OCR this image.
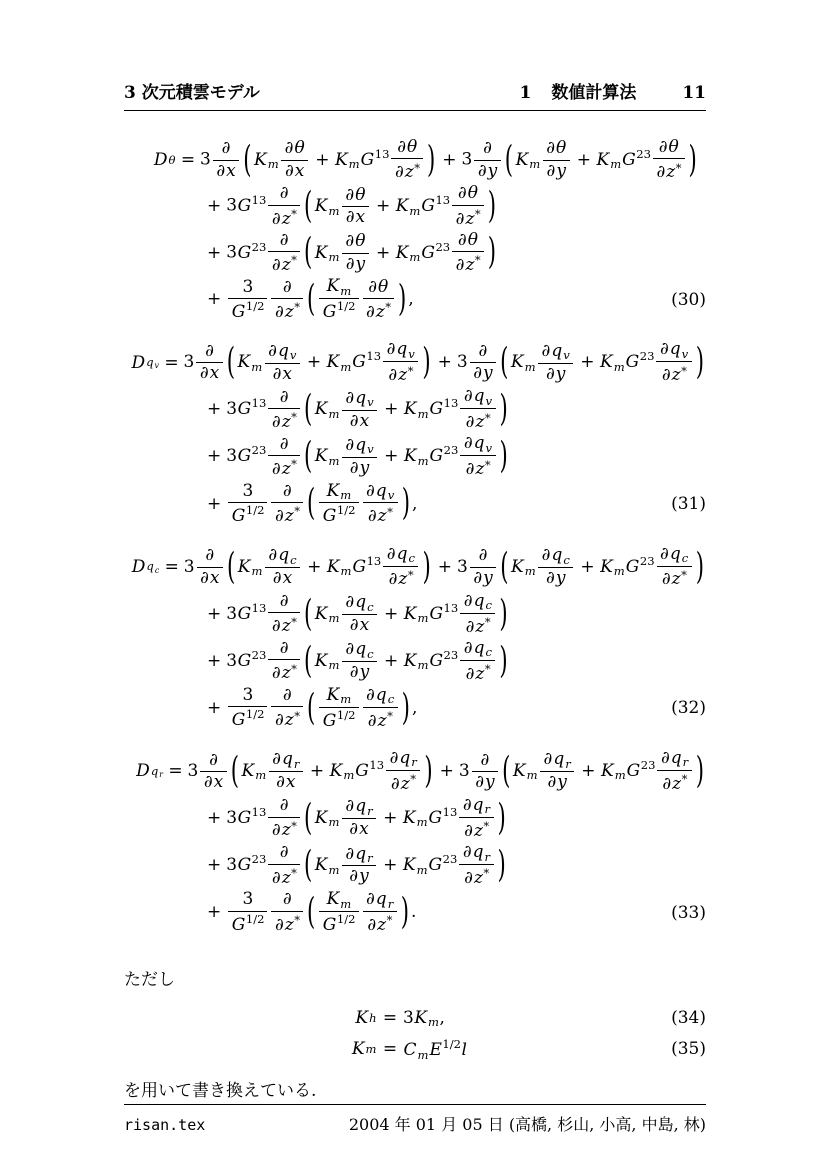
3 次元積雲モデル	1 数値計算法	11
D $\theta = 3 \frac{\partial}{\partial x}$ ( $K_m \frac{\partial\theta}{\partial x} + K_mG^{13} \frac{\partial\theta}{\partial z^*}$ ) + $3 \frac{\partial}{\partial y}$ ( $K_m \frac{\partial\theta}{\partial y} + K_mG^{23} \frac{\partial\theta}{\partial z^*}$ )
+ $3G^{13} \frac{\partial}{\partial z^*}$ ( $K_m \frac{\partial\theta}{\partial x} + K_mG^{13} \frac{\partial\theta}{\partial z^*}$ )
+ $3G^{23} \frac{\partial}{\partial z^*}$ ( $K_m \frac{\partial\theta}{\partial y} + K_mG^{23} \frac{\partial\theta}{\partial z^*}$ )
+ $\frac{3}{G^{1/2}} \frac{\partial}{\partial z^*}$ ( $\frac{K_m}{G^{1/2}} \frac{\partial\theta}{\partial z^*}$ ) ,	(30)
D $q_v = 3 \frac{\partial}{\partial x}$ ( $K_m \frac{\partial q_v}{\partial x} + K_mG^{13} \frac{\partial q_v}{\partial z^*}$ ) + $3 \frac{\partial}{\partial y}$ ( $K_m \frac{\partial q_v}{\partial y} + K_mG^{23} \frac{\partial q_v}{\partial z^*}$ )
+ $3G^{13} \frac{\partial}{\partial z^*}$ ( $K_m \frac{\partial q_v}{\partial x} + K_mG^{13} \frac{\partial q_v}{\partial z^*}$ )
+ $3G^{23} \frac{\partial}{\partial z^*}$ ( $K_m \frac{\partial q_v}{\partial y} + K_mG^{23} \frac{\partial q_v}{\partial z^*}$ )
+ $\frac{3}{G^{1/2}} \frac{\partial}{\partial z^*}$ ( $\frac{K_m}{G^{1/2}} \frac{\partial q_v}{\partial z^*}$ ) ,	(31)
D $q_c = 3 \frac{\partial}{\partial x}$ ( $K_m \frac{\partial q_c}{\partial x} + K_mG^{13} \frac{\partial q_c}{\partial z^*}$ ) + $3 \frac{\partial}{\partial y}$ ( $K_m \frac{\partial q_c}{\partial y} + K_mG^{23} \frac{\partial q_c}{\partial z^*}$ )
+ $3G^{13} \frac{\partial}{\partial z^*}$ ( $K_m \frac{\partial q_c}{\partial x} + K_mG^{13} \frac{\partial q_c}{\partial z^*}$ )
+ $3G^{23} \frac{\partial}{\partial z^*}$ ( $K_m \frac{\partial q_c}{\partial y} + K_mG^{23} \frac{\partial q_c}{\partial z^*}$ )
+ $\frac{3}{G^{1/2}} \frac{\partial}{\partial z^*}$ ( $\frac{K_m}{G^{1/2}} \frac{\partial q_c}{\partial z^*}$ ) ,	(32)
D $q_r = 3 \frac{\partial}{\partial x}$ ( $K_m \frac{\partial q_r}{\partial x} + K_mG^{13} \frac{\partial q_r}{\partial z^*}$ ) + $3 \frac{\partial}{\partial y}$ ( $K_m \frac{\partial q_r}{\partial y} + K_mG^{23} \frac{\partial q_r}{\partial z^*}$ )
+ $3G^{13} \frac{\partial}{\partial z^*}$ ( $K_m \frac{\partial q_r}{\partial x} + K_mG^{13} \frac{\partial q_r}{\partial z^*}$ )
+ $3G^{23} \frac{\partial}{\partial z^*}$ ( $K_m \frac{\partial q_r}{\partial y} + K_mG^{23} \frac{\partial q_r}{\partial z^*}$ )
+ $\frac{3}{G^{1/2}} \frac{\partial}{\partial z^*}$ ( $\frac{K_m}{G^{1/2}} \frac{\partial q_r}{\partial z^*}$ ) .	(33)
ただし
K $h = 3K_m$,	(34)
K $m = C_mE^{1/2}l$	(35)
を用いて書き換えている.
risan.tex	2004 年 01 月 05 日 (高橋, 杉山, 小高, 中島, 林)
